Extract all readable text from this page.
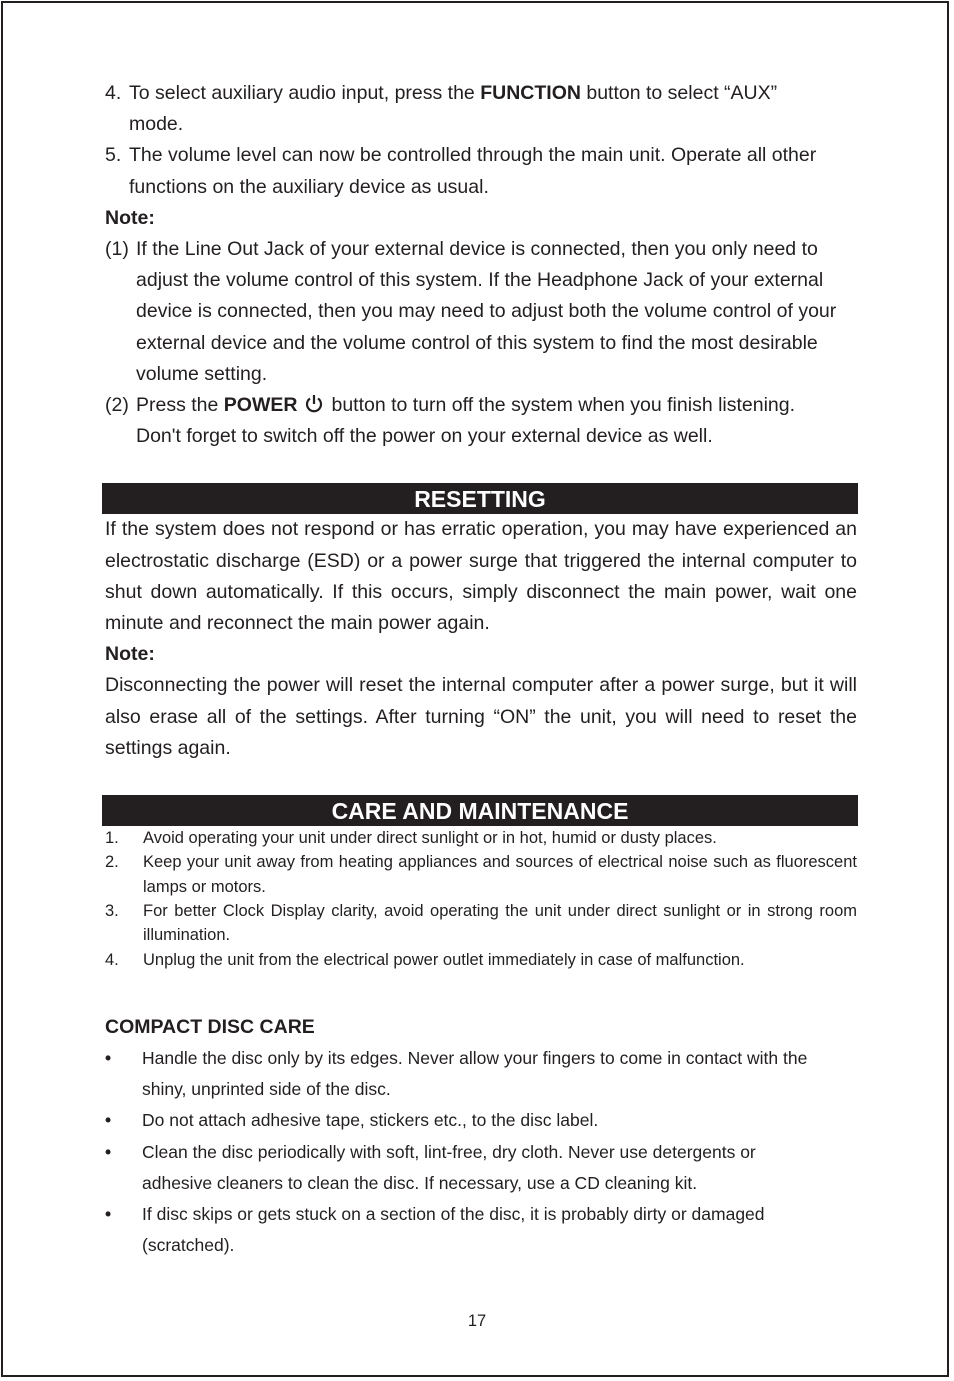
4. To select auxiliary audio input, press the FUNCTION button to select “AUX”
mode.
5. The volume level can now be controlled through the main unit. Operate all other
functions on the auxiliary device as usual.
Note:
(1) If the Line Out Jack of your external device is connected, then you only need to adjust the volume control of this system. If the Headphone Jack of your external device is connected, then you may need to adjust both the volume control of your external device and the volume control of this system to find the most desirable volume setting.
(2) Press the POWER button to turn off the system when you finish listening.
Don't forget to switch off the power on your external device as well.
RESETTING

If the system does not respond or has erratic operation, you may have experienced an electrostatic discharge (ESD) or a power surge that triggered the internal computer to shut down automatically. If this occurs, simply disconnect the main power, wait one minute and reconnect the main power again.

Note:

Disconnecting the power will reset the internal computer after a power surge, but it will also erase all of the settings. After turning “ON” the unit, you will need to reset the settings again.

CARE AND MAINTENANCE
1.	Avoid operating your unit under direct sunlight or in hot, humid or dusty places.
2.	Keep your unit away from heating appliances and sources of electrical noise such as fluorescent lamps or motors.
3.	For better Clock Display clarity, avoid operating the unit under direct sunlight or in strong room illumination.
4.	Unplug the unit from the electrical power outlet immediately in case of malfunction.
COMPACT DISC CARE
•	Handle the disc only by its edges. Never allow your fingers to come in contact with the shiny, unprinted side of the disc.
•	Do not attach adhesive tape, stickers etc., to the disc label.
•	Clean the disc periodically with soft, lint-free, dry cloth. Never use detergents or adhesive cleaners to clean the disc. If necessary, use a CD cleaning kit.
•	If disc skips or gets stuck on a section of the disc, it is probably dirty or damaged (scratched).
17
